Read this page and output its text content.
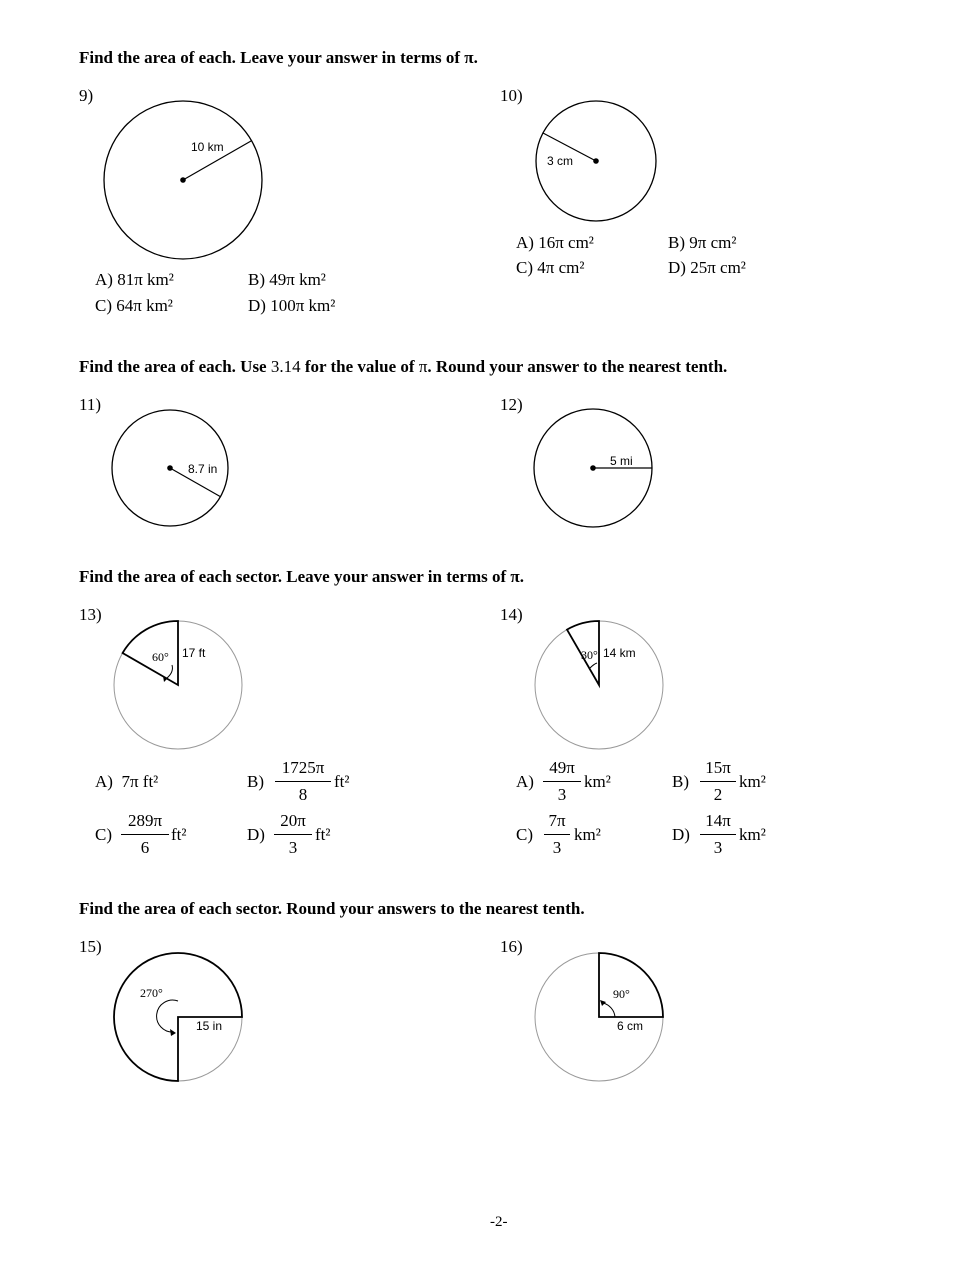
Find the area of each. Leave your answer in terms of π.
9)	10)
10 km
3 cm
8.7 in
5 mi
60° 17 ft	30° 14 km
270°
15 in
90°
6 cm
A) 81π km²	B) 49π km²
C) 64π km²	D) 100π km²
A) 16π cm²	B) 9π cm²
C) 4π cm²	D) 25π cm²
Find the area of each. Use 3.14 for the value of π. Round your answer to the nearest tenth.
11)	12)
Find the area of each sector. Leave your answer in terms of π.
13)	14)
A) 7π ft²	B)
1725π
8
ft²
C)
289π
6
ft²	D)
20π
3
ft²
A)
49π
3
km²	B)
15π
2
km²
C)
7π
3
km²	D)
14π
3
km²
Find the area of each sector. Round your answers to the nearest tenth.
15)	16)
-2-
